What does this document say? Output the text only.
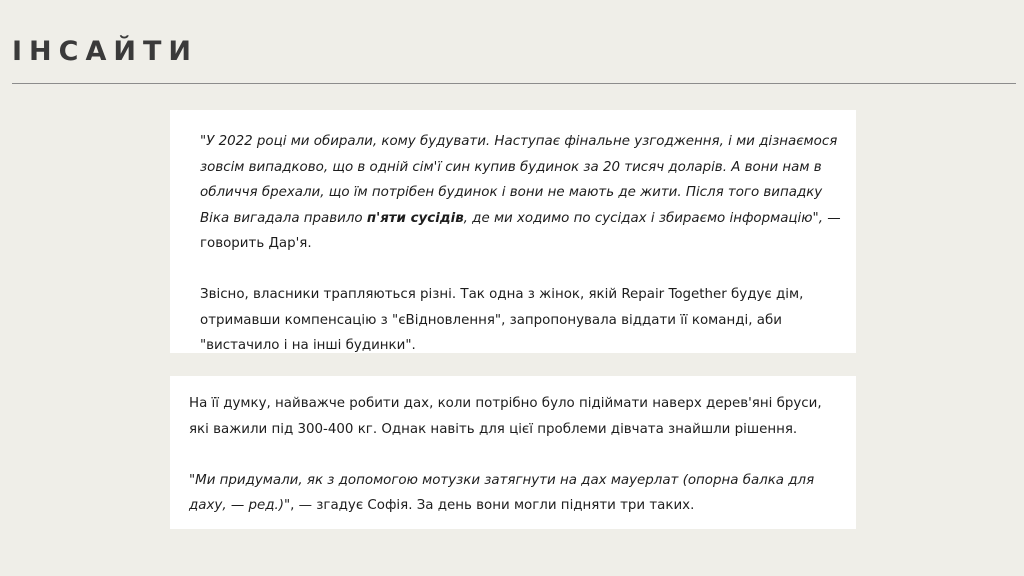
ІНСАЙТИ

"У 2022 році ми обирали, кому будувати. Наступає фінальне узгодження, і ми дізнаємося
зовсім випадково, що в одній сім'ї син купив будинок за 20 тисяч доларів. А вони нам в
обличчя брехали, що їм потрібен будинок і вони не мають де жити. Після того випадку
Віка вигадала правило п'яти сусідів, де ми ходимо по сусідах і збираємо інформацію", —
говорить Дар'я.

Звісно, власники трапляються різні. Так одна з жінок, якій Repair Together будує дім,
отримавши компенсацію з "єВідновлення", запропонувала віддати її команді, аби
"вистачило і на інші будинки".

На її думку, найважче робити дах, коли потрібно було підіймати наверх дерев'яні бруси,
які важили під 300-400 кг. Однак навіть для цієї проблеми дівчата знайшли рішення.

"Ми придумали, як з допомогою мотузки затягнути на дах мауерлат (опорна балка для
даху, — ред.)", — згадує Софія. За день вони могли підняти три таких.
